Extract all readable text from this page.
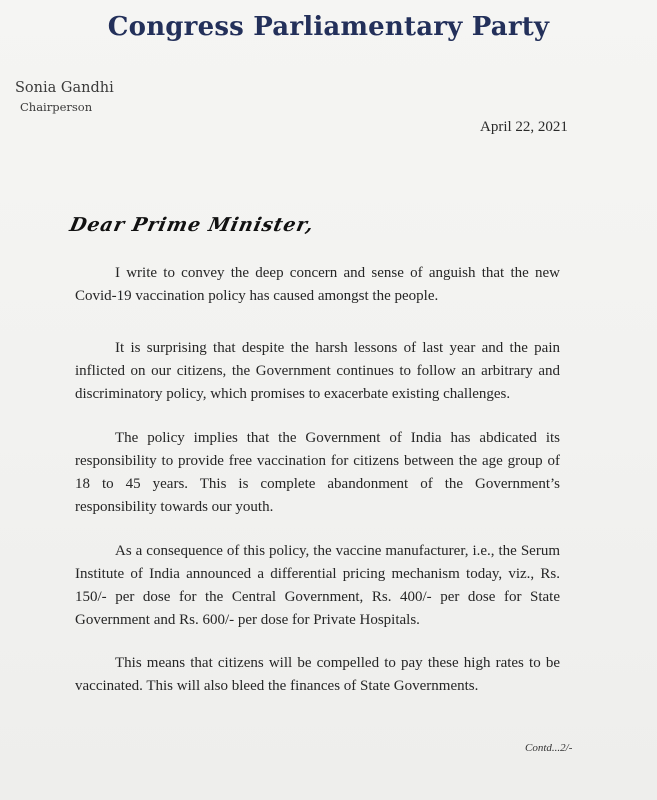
Congress Parliamentary Party
Sonia Gandhi
Chairperson
April 22, 2021
Dear Prime Minister,

I write to convey the deep concern and sense of anguish that the new Covid-19 vaccination policy has caused amongst the people.

It is surprising that despite the harsh lessons of last year and the pain inflicted on our citizens, the Government continues to follow an arbitrary and discriminatory policy, which promises to exacerbate existing challenges.

The policy implies that the Government of India has abdicated its responsibility to provide free vaccination for citizens between the age group of 18 to 45 years. This is complete abandonment of the Government’s responsibility towards our youth.

As a consequence of this policy, the vaccine manufacturer, i.e., the Serum Institute of India announced a differential pricing mechanism today, viz., Rs. 150/- per dose for the Central Government, Rs. 400/- per dose for State Government and Rs. 600/- per dose for Private Hospitals.

This means that citizens will be compelled to pay these high rates to be vaccinated. This will also bleed the finances of State Governments.

Contd...2/-
